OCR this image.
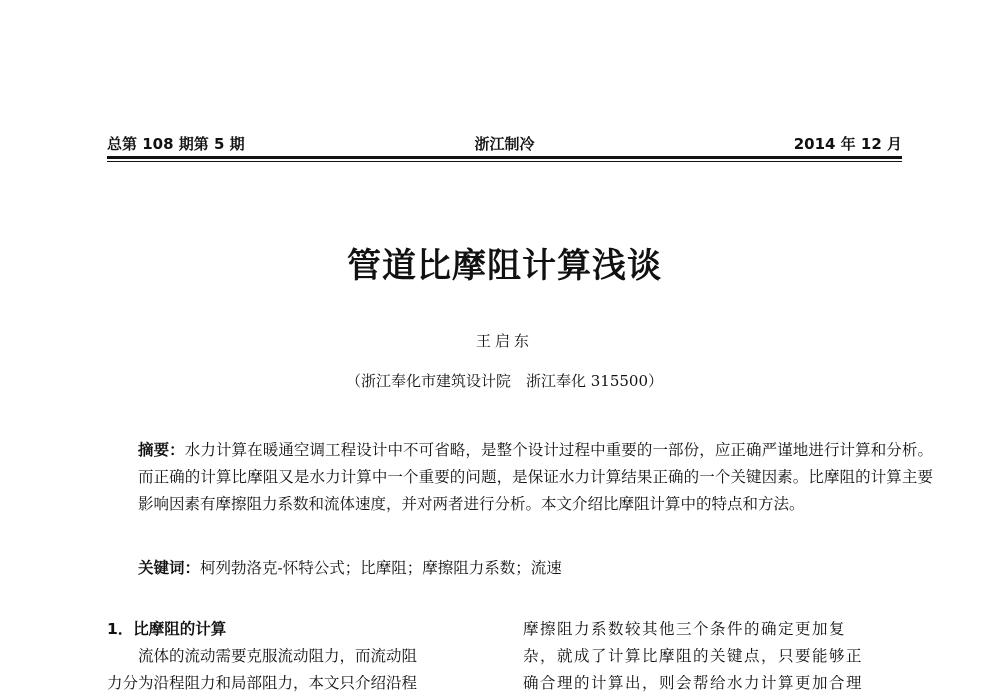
总第 108 期第 5 期	浙江制冷	2014 年 12 月
管道比摩阻计算浅谈
王启东
（浙江奉化市建筑设计院　浙江奉化 315500）
摘要：水力计算在暖通空调工程设计中不可省略，是整个设计过程中重要的一部份，应正确严谨地进行计算和分析。而正确的计算比摩阻又是水力计算中一个重要的问题，是保证水力计算结果正确的一个关键因素。比摩阻的计算主要影响因素有摩擦阻力系数和流体速度，并对两者进行分析。本文介绍比摩阻计算中的特点和方法。
关键词：柯列勃洛克-怀特公式；比摩阻；摩擦阻力系数；流速
1．比摩阻的计算
流体的流动需要克服流动阻力，而流动阻
力分为沿程阻力和局部阻力，本文只介绍沿程
摩擦阻力系数较其他三个条件的确定更加复
杂，就成了计算比摩阻的关键点，只要能够正
确合理的计算出，则会帮给水力计算更加合理
